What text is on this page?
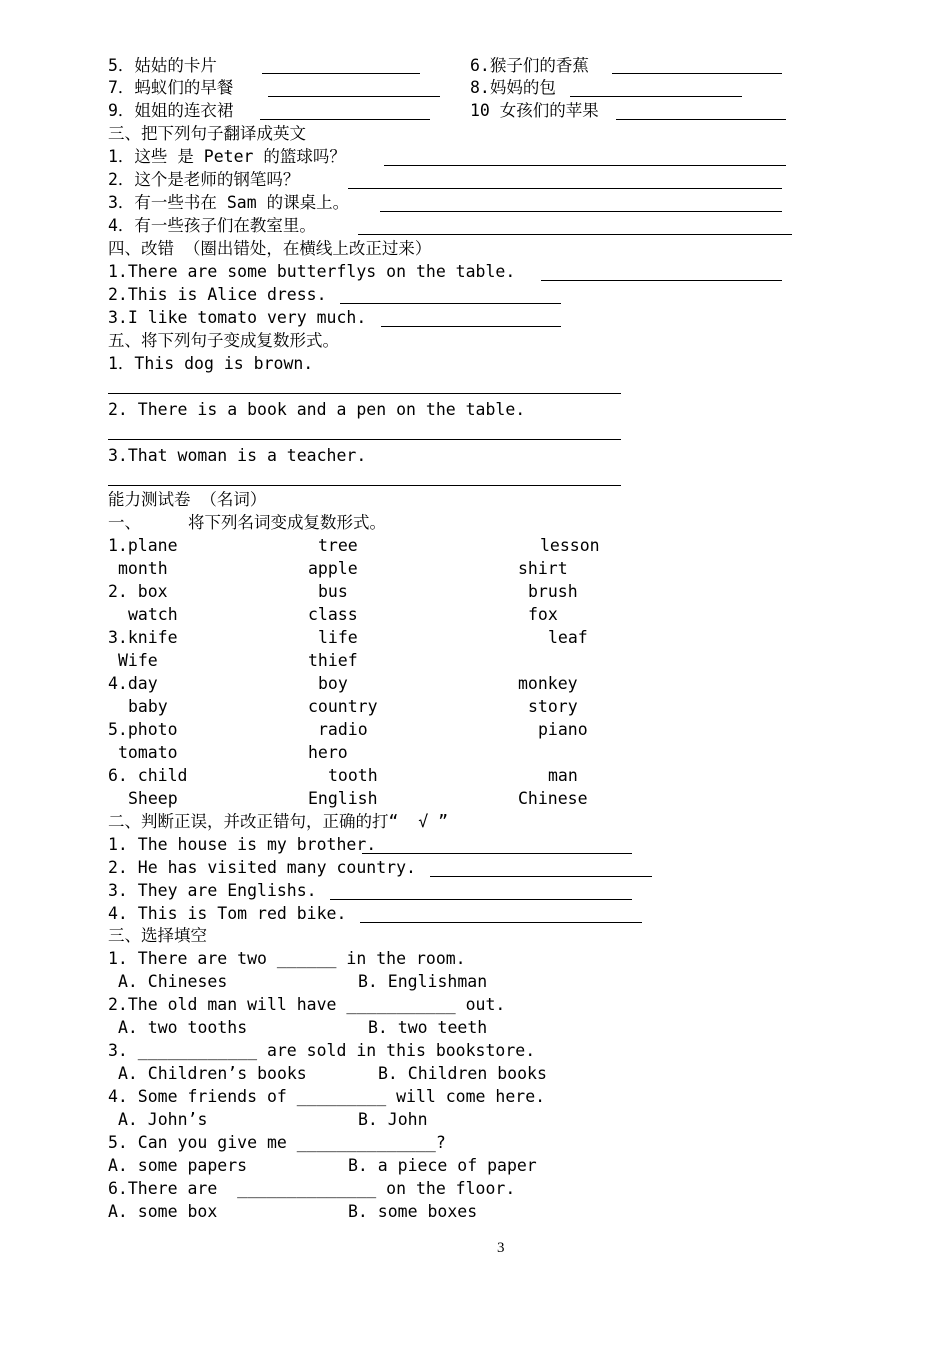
5．姑姑的卡片	6.猴子们的香蕉
7．蚂蚁们的早餐	8.妈妈的包
9．姐姐的连衣裙	10 女孩们的苹果
三、把下列句子翻译成英文
1．这些 是 Peter 的篮球吗？
2．这个是老师的钢笔吗？
3．有一些书在 Sam 的课桌上。
4．有一些孩子们在教室里。
四、改错 （圈出错处，在横线上改正过来）
1.There are some butterflys on the table.
2.This is Alice dress.
3.I like tomato very much.
五、将下列句子变成复数形式。
1．This dog is brown.
2. There is a book and a pen on the table.
3.That woman is a teacher.
能力测试卷 （名词）
一、	将下列名词变成复数形式。
1.plane	tree	lesson
month	apple	shirt
2. box	bus	brush
watch	class	fox
3.knife	life	leaf
Wife	thief
4.day	boy	monkey
baby	country	story
5.photo	radio	piano
tomato	hero
6. child	tooth	man
Sheep	English	Chinese
二、判断正误，并改正错句，正确的打“  √ ”
1. The house is my brother.
2. He has visited many country.
3. They are Englishs.
4. This is Tom red bike.
三、选择填空
1. There are two ______ in the room.
A. Chineses	B. Englishman
2.The old man will have ___________ out.
A. two tooths	B. two teeth
3. ____________ are sold in this bookstore.
A. Children’s books	B. Children books
4. Some friends of _________ will come here.
A. John’s	B. John
5. Can you give me ______________?
A. some papers	B. a piece of paper
6.There are  ______________ on the floor.
A. some box	B. some boxes
3
